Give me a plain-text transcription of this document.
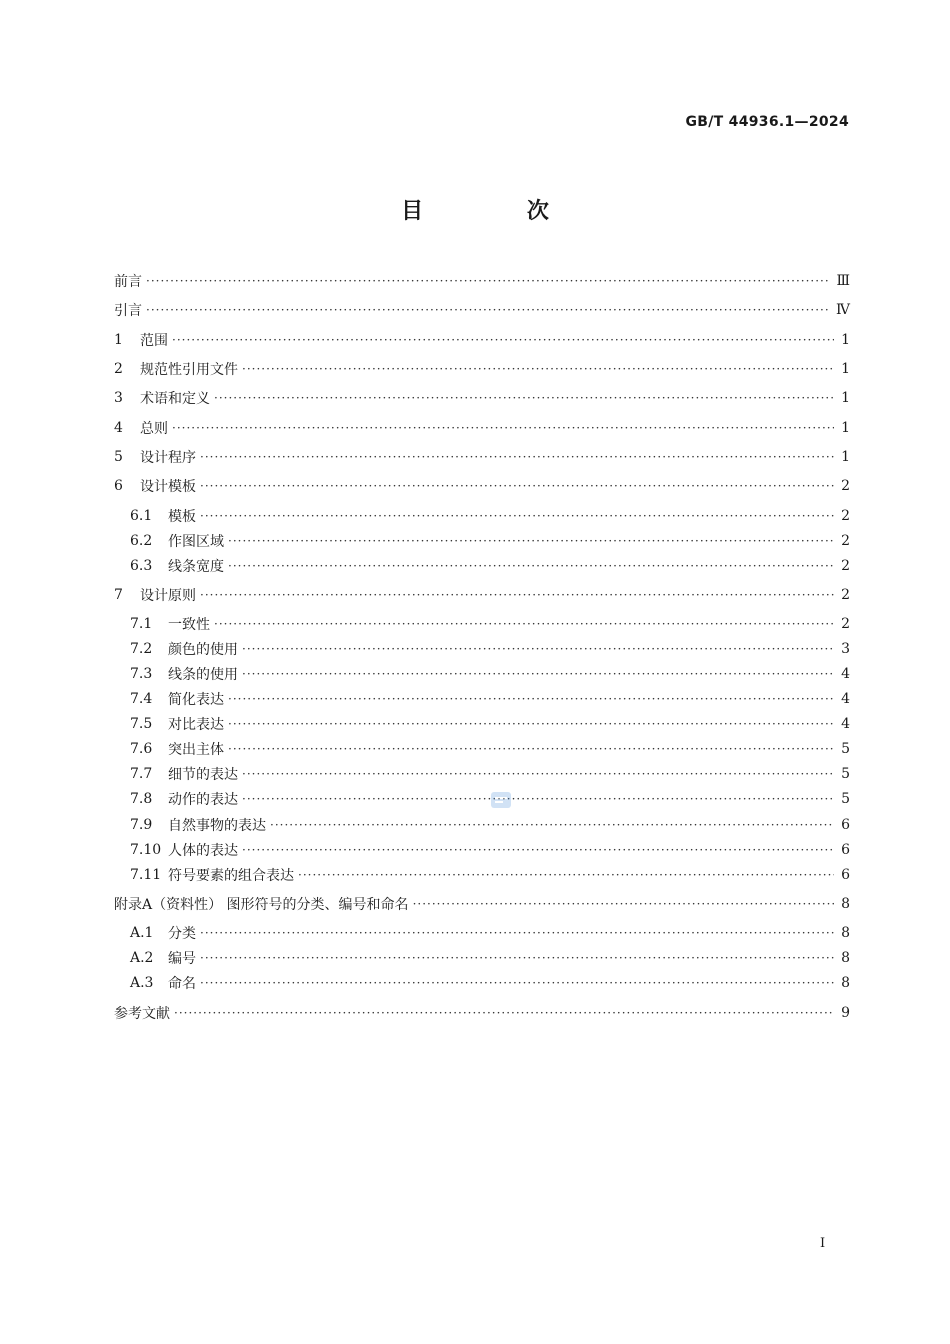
GB/T 44936.1—2024
目 次
前言 ·····	Ⅲ
引言 ·····	Ⅳ
1	范围 ·····	1
2	规范性引用文件 ·····	1
3	术语和定义 ·····	1
4	总则 ·····	1
5	设计程序 ·····	1
6	设计模板 ·····	2
6.1	模板 ·····	2
6.2	作图区域 ·····	2
6.3	线条宽度 ·····	2
7	设计原则 ·····	2
7.1	一致性 ·····	2
7.2	颜色的使用 ·····	3
7.3	线条的使用 ·····	4
7.4	简化表达 ·····	4
7.5	对比表达 ·····	4
7.6	突出主体 ·····	5
7.7	细节的表达 ·····	5
7.8	动作的表达 ·····	5
7.9	自然事物的表达 ·····	6
7.10 人体的表达 ·····	6
7.11 符号要素的组合表达 ·····	6
附录A（资料性） 图形符号的分类、编号和命名 ·····	8
A.1	分类 ·····	8
A.2	编号 ·····	8
A.3	命名 ·····	8
参考文献 ·····	9
I
